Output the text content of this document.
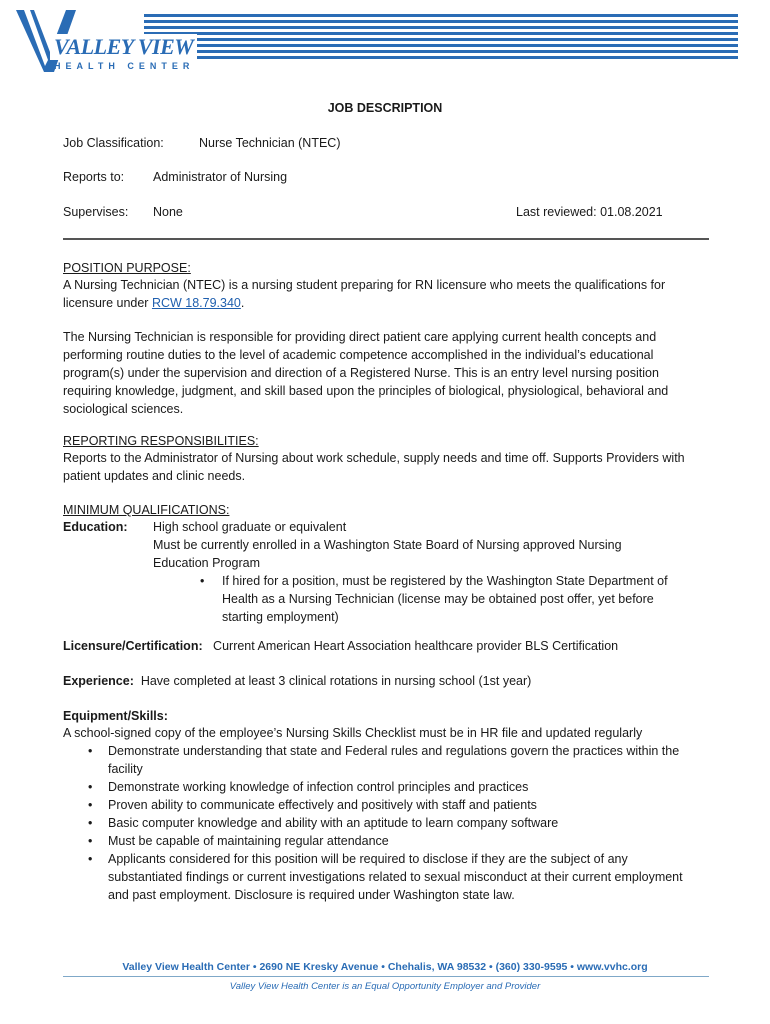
VALLEY VIEW
HEALTH CENTER
JOB DESCRIPTION
Job Classification:	Nurse Technician (NTEC)
Reports to: Administrator of Nursing
Supervises: None	Last reviewed: 01.08.2021
POSITION PURPOSE:
A Nursing Technician (NTEC) is a nursing student preparing for RN licensure who meets the qualifications for
licensure under RCW 18.79.340.
The Nursing Technician is responsible for providing direct patient care applying current health concepts and
performing routine duties to the level of academic competence accomplished in the individual’s educational
program(s) under the supervision and direction of a Registered Nurse. This is an entry level nursing position
requiring knowledge, judgment, and skill based upon the principles of biological, physiological, behavioral and
sociological sciences.
REPORTING RESPONSIBILITIES:
Reports to the Administrator of Nursing about work schedule, supply needs and time off. Supports Providers with
patient updates and clinic needs.
MINIMUM QUALIFICATIONS:
Education: High school graduate or equivalent
Must be currently enrolled in a Washington State Board of Nursing approved Nursing
Education Program
• If hired for a position, must be registered by the Washington State Department of
Health as a Nursing Technician (license may be obtained post offer, yet before
starting employment)
Licensure/Certification: Current American Heart Association healthcare provider BLS Certification
Experience: Have completed at least 3 clinical rotations in nursing school (1st year)
Equipment/Skills:
A school-signed copy of the employee’s Nursing Skills Checklist must be in HR file and updated regularly
• Demonstrate understanding that state and Federal rules and regulations govern the practices within the
facility
• Demonstrate working knowledge of infection control principles and practices
• Proven ability to communicate effectively and positively with staff and patients
• Basic computer knowledge and ability with an aptitude to learn company software
• Must be capable of maintaining regular attendance
• Applicants considered for this position will be required to disclose if they are the subject of any
substantiated findings or current investigations related to sexual misconduct at their current employment
and past employment. Disclosure is required under Washington state law.
Valley View Health Center • 2690 NE Kresky Avenue • Chehalis, WA 98532 • (360) 330-9595 • www.vvhc.org
Valley View Health Center is an Equal Opportunity Employer and Provider
